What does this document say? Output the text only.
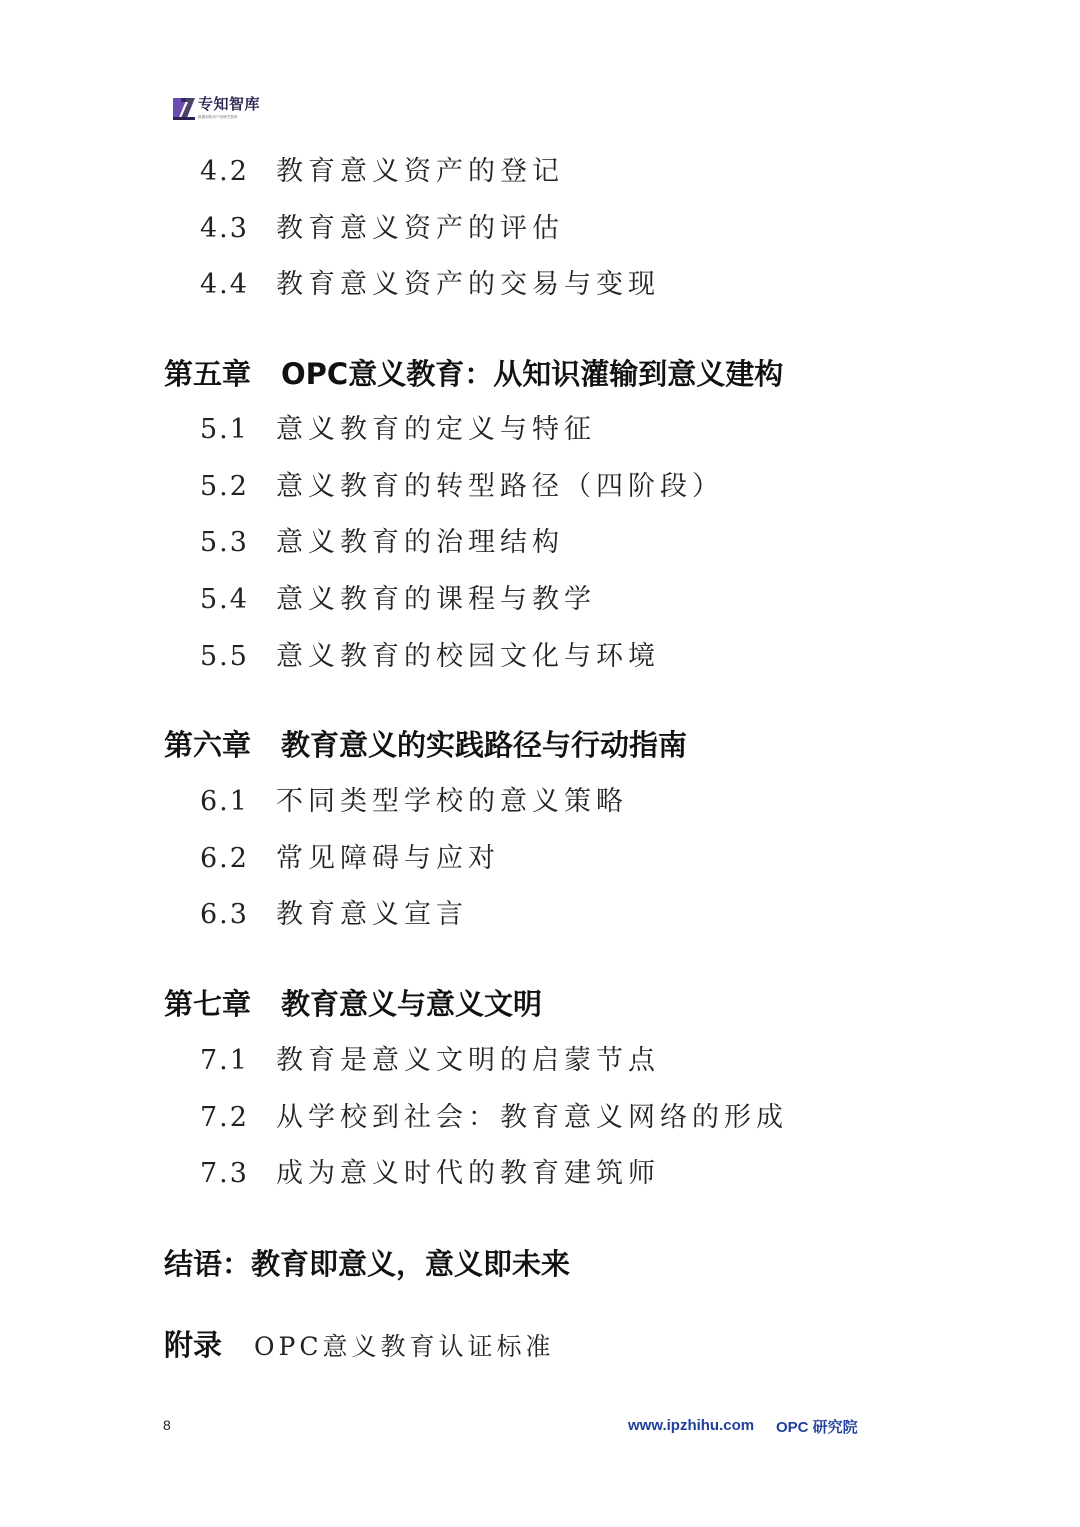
专知智库
数据和知识产权研究智库
4.2 教育意义资产的登记
4.3 教育意义资产的评估
4.4 教育意义资产的交易与变现
第五章 OPC意义教育：从知识灌输到意义建构
5.1 意义教育的定义与特征
5.2 意义教育的转型路径（四阶段）
5.3 意义教育的治理结构
5.4 意义教育的课程与教学
5.5 意义教育的校园文化与环境
第六章 教育意义的实践路径与行动指南
6.1 不同类型学校的意义策略
6.2 常见障碍与应对
6.3 教育意义宣言
第七章 教育意义与意义文明
7.1 教育是意义文明的启蒙节点
7.2 从学校到社会：教育意义网络的形成
7.3 成为意义时代的教育建筑师
结语：教育即意义，意义即未来
附录 OPC意义教育认证标准
8	www.ipzhihu.com OPC 研究院
